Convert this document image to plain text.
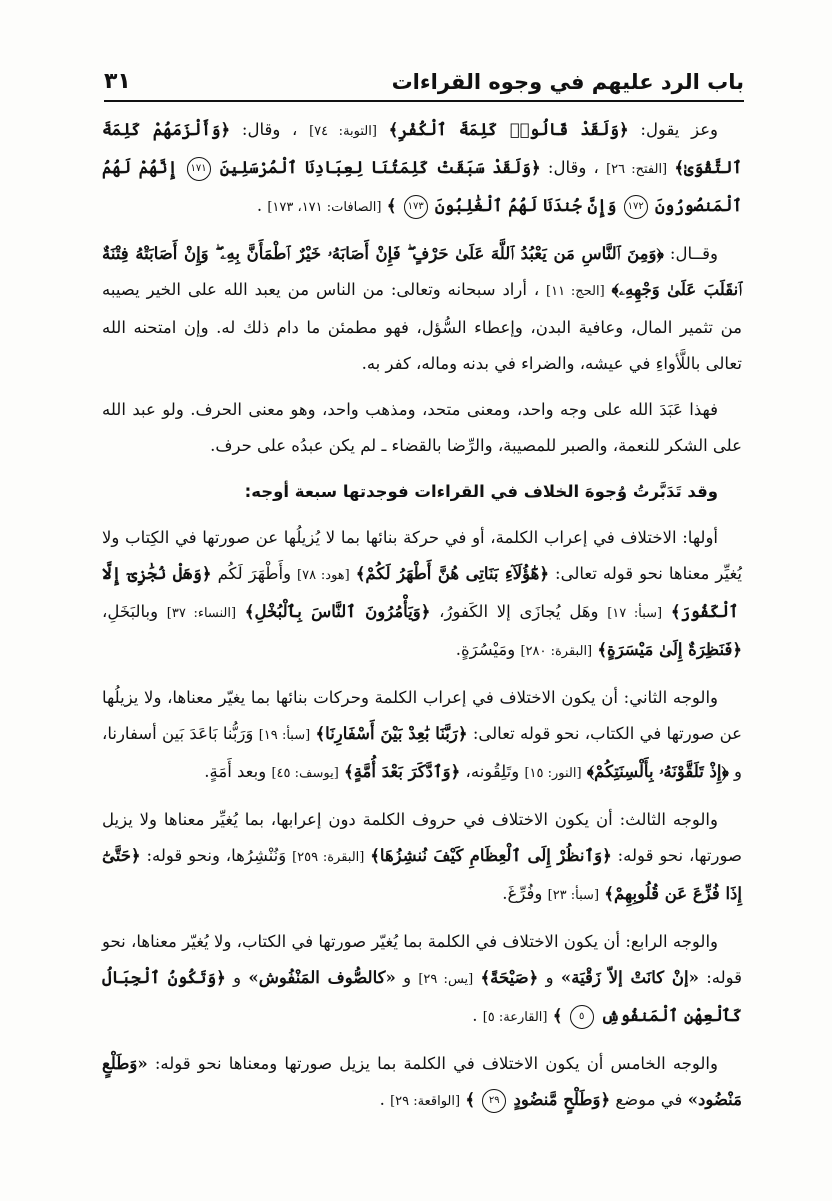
باب الرد عليهم في وجوه القراءات
٣١

وعز يقول: ﴿وَلَقَدْ قَالُوا۟ كَلِمَةَ ٱلْكُفْرِ﴾ [التوبة: ٧٤] ، وقال: ﴿وَأَلْزَمَهُمْ كَلِمَةَ ٱلتَّقْوَىٰ﴾ [الفتح: ٢٦] ، وقال: ﴿وَلَقَدْ سَبَقَتْ كَلِمَتُنَا لِعِبَادِنَا ٱلْمُرْسَلِينَ ١٧١ إِنَّهُمْ لَهُمُ ٱلْمَنصُورُونَ ١٧٢ وَإِنَّ جُندَنَا لَهُمُ ٱلْغَٰلِبُونَ ١٧٣ ﴾ [الصافات: ١٧١، ١٧٣] .

وقــال: ﴿وَمِنَ ٱلنَّاسِ مَن يَعْبُدُ ٱللَّهَ عَلَىٰ حَرْفٍ ۖ فَإِنْ أَصَابَهُۥ خَيْرٌ ٱطْمَأَنَّ بِهِۦ ۖ وَإِنْ أَصَابَتْهُ فِتْنَةٌ ٱنقَلَبَ عَلَىٰ وَجْهِهِۦ﴾ [الحج: ١١] ، أراد سبحانه وتعالى: من الناس من يعبد الله على الخير يصيبه من تثمير المال، وعافية البدن، وإعطاء السُّؤل، فهو مطمئن ما دام ذلك له. وإن امتحنه الله تعالى باللَّأواءِ في عيشه، والضراء في بدنه وماله، كفر به.

فهذا عَبَدَ الله على وجه واحد، ومعنى متحد، ومذهب واحد، وهو معنى الحرف. ولو عبد الله على الشكر للنعمة، والصبر للمصيبة، والرِّضا بالقضاء ـ لم يكن عبدُه على حرف.

وقد تَدَبَّرتُ وُجوهَ الخلاف في القراءات فوجدتها سبعة أوجه:

أولها: الاختلاف في إعراب الكلمة، أو في حركة بنائها بما لا يُزيلُها عن صورتها في الكِتاب ولا يُغيِّر معناها نحو قوله تعالى: ﴿هَٰٓؤُلَآءِ بَنَاتِى هُنَّ أَطْهَرُ لَكُمْ﴾ [هود: ٧٨] وأَطْهَرَ لَكُم ﴿وَهَلْ نُجَٰزِىٓ إِلَّا ٱلْكَفُورَ﴾ [سبأ: ١٧] وهَل يُجازَى إلا الكَفورُ، ﴿وَيَأْمُرُونَ ٱلنَّاسَ بِٱلْبُخْلِ﴾ [النساء: ٣٧] وبالبَخَلِ، ﴿فَنَظِرَةٌ إِلَىٰ مَيْسَرَةٍ﴾ [البقرة: ٢٨٠] ومَيْسُرَةٍ.

والوجه الثاني: أن يكون الاختلاف في إعراب الكلمة وحركات بنائها بما يغيّر معناها، ولا يزيلُها عن صورتها في الكتاب، نحو قوله تعالى: ﴿رَبَّنَا بَٰعِدْ بَيْنَ أَسْفَارِنَا﴾ [سبأ: ١٩] وَرَبُّنا بَاعَدَ بَين أسفارنا، و ﴿إِذْ تَلَقَّوْنَهُۥ بِأَلْسِنَتِكُمْ﴾ [النور: ١٥] وتَلِقُونه، ﴿وَٱدَّكَرَ بَعْدَ أُمَّةٍ﴾ [يوسف: ٤٥] وبعد أَمَةٍ.

والوجه الثالث: أن يكون الاختلاف في حروف الكلمة دون إعرابها، بما يُغيِّر معناها ولا يزيل صورتها، نحو قوله: ﴿وَٱنظُرْ إِلَى ٱلْعِظَامِ كَيْفَ نُنشِزُهَا﴾ [البقرة: ٢٥٩] وَنُنْشِرُها، ونحو قوله: ﴿حَتَّىٰٓ إِذَا فُزِّعَ عَن قُلُوبِهِمْ﴾ [سبأ: ٢٣] وفُرِّغَ.

والوجه الرابع: أن يكون الاختلاف في الكلمة بما يُغيّر صورتها في الكتاب، ولا يُغيّر معناها، نحو قوله: «إنْ كانَتْ إلاّ زَقْيَة» و ﴿صَيْحَةً﴾ [يس: ٢٩] و «كالصُّوف المَنْفُوش» و ﴿وَتَكُونُ ٱلْجِبَالُ كَٱلْعِهْنِ ٱلْمَنفُوشِ ٥ ﴾ [القارعة: ٥] .

والوجه الخامس أن يكون الاختلاف في الكلمة بما يزيل صورتها ومعناها نحو قوله: «وَطَلْعٍ مَنْضُود» في موضع ﴿وَطَلْحٍ مَّنضُودٍ ٢٩ ﴾ [الواقعة: ٢٩] .
